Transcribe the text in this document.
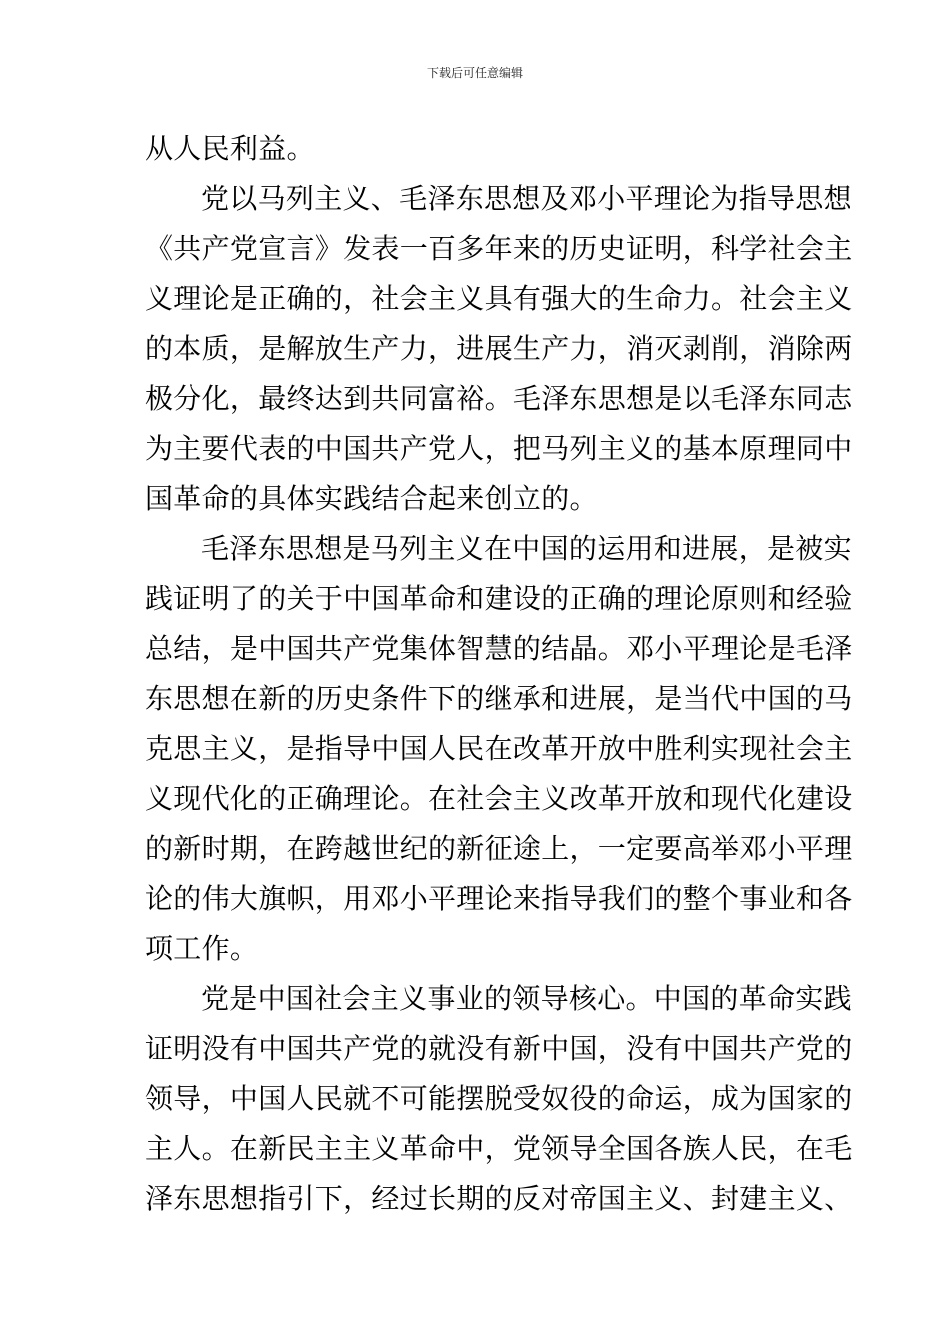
下载后可任意编辑
从人民利益。
党以马列主义、毛泽东思想及邓小平理论为指导思想
《共产党宣言》发表一百多年来的历史证明，科学社会主
义理论是正确的，社会主义具有强大的生命力。社会主义
的本质，是解放生产力，进展生产力，消灭剥削，消除两
极分化，最终达到共同富裕。毛泽东思想是以毛泽东同志
为主要代表的中国共产党人，把马列主义的基本原理同中
国革命的具体实践结合起来创立的。
毛泽东思想是马列主义在中国的运用和进展，是被实
践证明了的关于中国革命和建设的正确的理论原则和经验
总结，是中国共产党集体智慧的结晶。邓小平理论是毛泽
东思想在新的历史条件下的继承和进展，是当代中国的马
克思主义，是指导中国人民在改革开放中胜利实现社会主
义现代化的正确理论。在社会主义改革开放和现代化建设
的新时期，在跨越世纪的新征途上，一定要高举邓小平理
论的伟大旗帜，用邓小平理论来指导我们的整个事业和各
项工作。
党是中国社会主义事业的领导核心。中国的革命实践
证明没有中国共产党的就没有新中国，没有中国共产党的
领导，中国人民就不可能摆脱受奴役的命运，成为国家的
主人。在新民主主义革命中，党领导全国各族人民，在毛
泽东思想指引下，经过长期的反对帝国主义、封建主义、
